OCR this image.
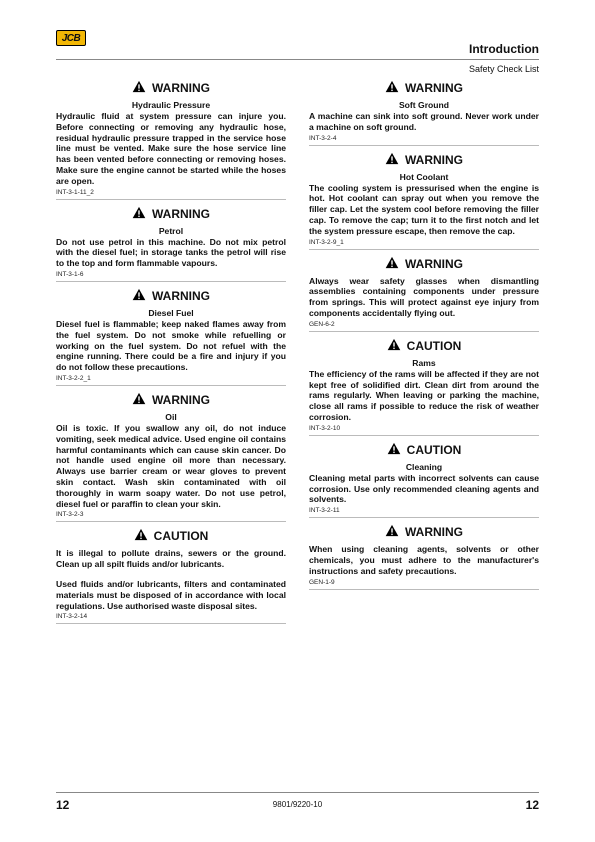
JCB
Introduction
Safety Check List
WARNING
Hydraulic Pressure

Hydraulic fluid at system pressure can injure you. Before connecting or removing any hydraulic hose, residual hydraulic pressure trapped in the service hose line must be vented. Make sure the hose service line has been vented before connecting or removing hoses. Make sure the engine cannot be started while the hoses are open.

INT-3-1-11_2
WARNING
Petrol

Do not use petrol in this machine. Do not mix petrol with the diesel fuel; in storage tanks the petrol will rise to the top and form flammable vapours.

INT-3-1-6
WARNING
Diesel Fuel

Diesel fuel is flammable; keep naked flames away from the fuel system. Do not smoke while refuelling or working on the fuel system. Do not refuel with the engine running. There could be a fire and injury if you do not follow these precautions.

INT-3-2-2_1
WARNING
Oil

Oil is toxic. If you swallow any oil, do not induce vomiting, seek medical advice. Used engine oil contains harmful contaminants which can cause skin cancer. Do not handle used engine oil more than necessary. Always use barrier cream or wear gloves to prevent skin contact. Wash skin contaminated with oil thoroughly in warm soapy water. Do not use petrol, diesel fuel or paraffin to clean your skin.

INT-3-2-3
CAUTION

It is illegal to pollute drains, sewers or the ground. Clean up all spilt fluids and/or lubricants.

Used fluids and/or lubricants, filters and contaminated materials must be disposed of in accordance with local regulations. Use authorised waste disposal sites.

INT-3-2-14
WARNING
Soft Ground

A machine can sink into soft ground. Never work under a machine on soft ground.

INT-3-2-4
WARNING
Hot Coolant

The cooling system is pressurised when the engine is hot. Hot coolant can spray out when you remove the filler cap. Let the system cool before removing the filler cap. To remove the cap; turn it to the first notch and let the system pressure escape, then remove the cap.

INT-3-2-9_1
WARNING

Always wear safety glasses when dismantling assemblies containing components under pressure from springs. This will protect against eye injury from components accidentally flying out.

GEN-6-2
CAUTION
Rams

The efficiency of the rams will be affected if they are not kept free of solidified dirt. Clean dirt from around the rams regularly. When leaving or parking the machine, close all rams if possible to reduce the risk of weather corrosion.

INT-3-2-10
CAUTION
Cleaning

Cleaning metal parts with incorrect solvents can cause corrosion. Use only recommended cleaning agents and solvents.

INT-3-2-11
WARNING

When using cleaning agents, solvents or other chemicals, you must adhere to the manufacturer's instructions and safety precautions.

GEN-1-9
12	9801/9220-10	12
